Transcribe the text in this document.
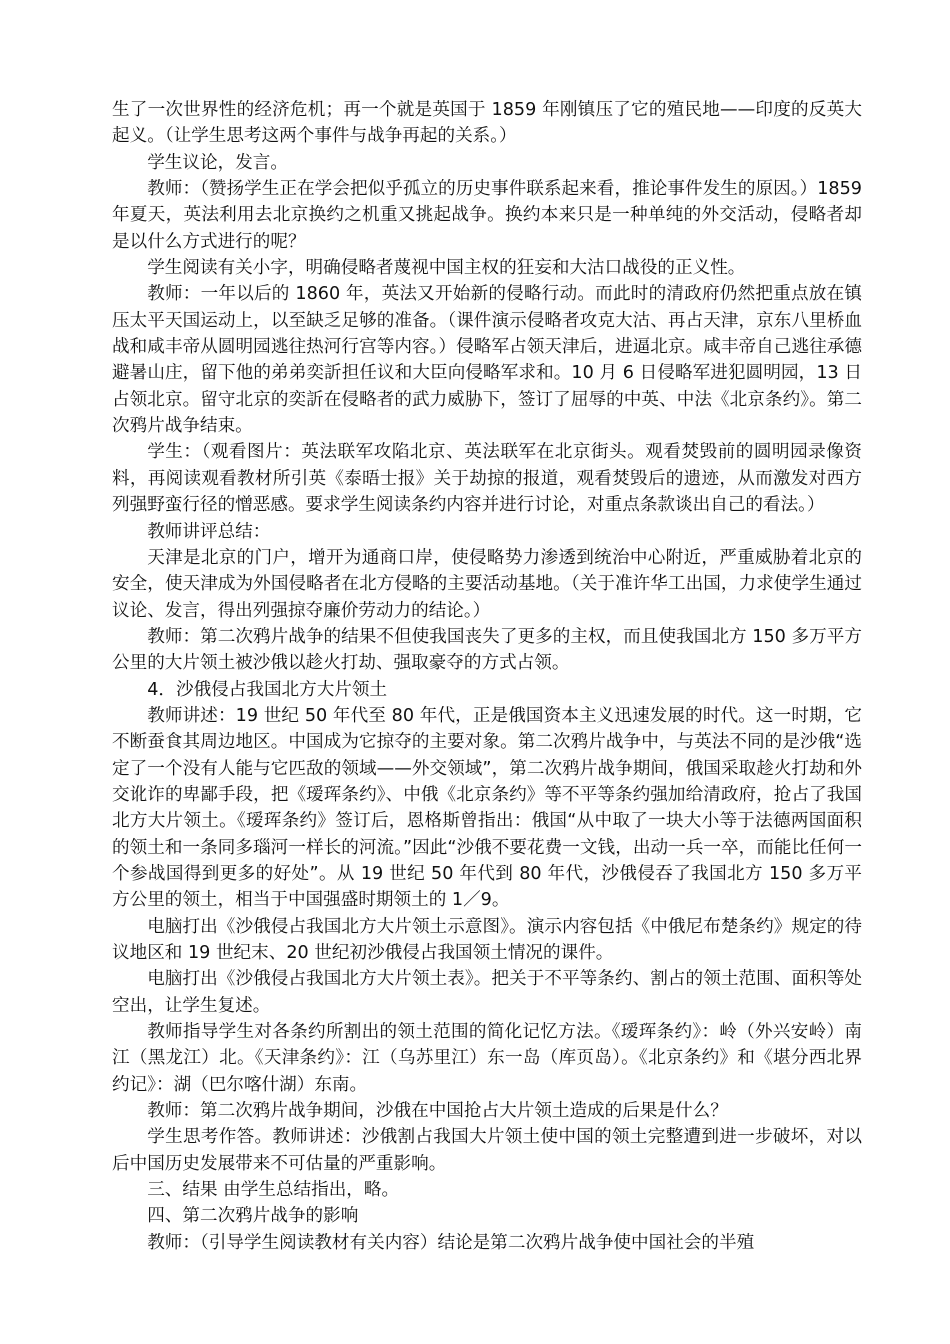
生了一次世界性的经济危机；再一个就是英国于 1859 年刚镇压了它的殖民地——印度的反英大起义。（让学生思考这两个事件与战争再起的关系。）

学生议论，发言。

教师：（赞扬学生正在学会把似乎孤立的历史事件联系起来看，推论事件发生的原因。）1859 年夏天，英法利用去北京换约之机重又挑起战争。换约本来只是一种单纯的外交活动，侵略者却是以什么方式进行的呢？

学生阅读有关小字，明确侵略者蔑视中国主权的狂妄和大沽口战役的正义性。

教师：一年以后的 1860 年，英法又开始新的侵略行动。而此时的清政府仍然把重点放在镇压太平天国运动上，以至缺乏足够的准备。（课件演示侵略者攻克大沽、再占天津，京东八里桥血战和咸丰帝从圆明园逃往热河行宫等内容。）侵略军占领天津后，进逼北京。咸丰帝自己逃往承德避暑山庄，留下他的弟弟奕訢担任议和大臣向侵略军求和。10 月 6 日侵略军进犯圆明园，13 日占领北京。留守北京的奕訢在侵略者的武力威胁下，签订了屈辱的中英、中法《北京条约》。第二次鸦片战争结束。

学生：（观看图片：英法联军攻陷北京、英法联军在北京街头。观看焚毁前的圆明园录像资料，再阅读观看教材所引英《泰晤士报》关于劫掠的报道，观看焚毁后的遗迹，从而激发对西方列强野蛮行径的憎恶感。要求学生阅读条约内容并进行讨论，对重点条款谈出自己的看法。）

教师讲评总结：

天津是北京的门户，增开为通商口岸，使侵略势力渗透到统治中心附近，严重威胁着北京的安全，使天津成为外国侵略者在北方侵略的主要活动基地。（关于准许华工出国，力求使学生通过议论、发言，得出列强掠夺廉价劳动力的结论。）

教师：第二次鸦片战争的结果不但使我国丧失了更多的主权，而且使我国北方 150 多万平方公里的大片领土被沙俄以趁火打劫、强取豪夺的方式占领。

4．沙俄侵占我国北方大片领土

教师讲述：19 世纪 50 年代至 80 年代，正是俄国资本主义迅速发展的时代。这一时期，它不断蚕食其周边地区。中国成为它掠夺的主要对象。第二次鸦片战争中，与英法不同的是沙俄“选定了一个没有人能与它匹敌的领域——外交领域”，第二次鸦片战争期间，俄国采取趁火打劫和外交讹诈的卑鄙手段，把《瑷珲条约》、中俄《北京条约》等不平等条约强加给清政府，抢占了我国北方大片领土。《瑷珲条约》签订后，恩格斯曾指出：俄国“从中取了一块大小等于法德两国面积的领土和一条同多瑙河一样长的河流。”因此“沙俄不要花费一文钱，出动一兵一卒，而能比任何一个参战国得到更多的好处”。从 19 世纪 50 年代到 80 年代，沙俄侵吞了我国北方 150 多万平方公里的领土，相当于中国强盛时期领土的 1／9。

电脑打出《沙俄侵占我国北方大片领土示意图》。演示内容包括《中俄尼布楚条约》规定的待议地区和 19 世纪末、20 世纪初沙俄侵占我国领土情况的课件。

电脑打出《沙俄侵占我国北方大片领土表》。把关于不平等条约、割占的领土范围、面积等处空出，让学生复述。

教师指导学生对各条约所割出的领土范围的简化记忆方法。《瑷珲条约》：岭（外兴安岭）南江（黑龙江）北。《天津条约》：江（乌苏里江）东一岛（库页岛）。《北京条约》和《堪分西北界约记》：湖（巴尔喀什湖）东南。

教师：第二次鸦片战争期间，沙俄在中国抢占大片领土造成的后果是什么？

学生思考作答。教师讲述：沙俄割占我国大片领土使中国的领土完整遭到进一步破坏，对以后中国历史发展带来不可估量的严重影响。

三、结果 由学生总结指出，略。

四、第二次鸦片战争的影响

教师：（引导学生阅读教材有关内容）结论是第二次鸦片战争使中国社会的半殖
